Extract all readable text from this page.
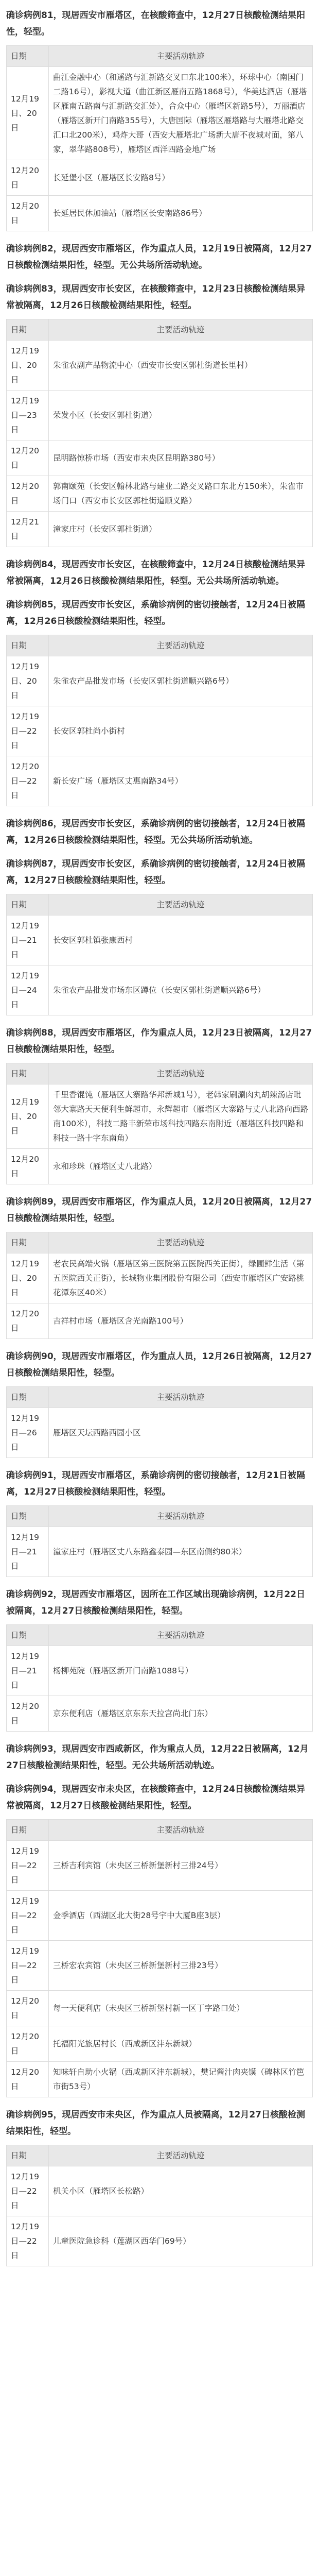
确诊病例81，现居西安市雁塔区，在核酸筛查中，12月27日核酸检测结果阳性，轻型。
日期	主要活动轨迹
12月19日、20日	曲江金融中心（和遥路与汇新路交叉口东北100米），环球中心（南国门二路16号），影视大道（曲江新区雁南五路1868号），华美达酒店（雁塔区雁南五路南与汇新路交汇处），合众中心（雁塔区新路5号），万丽酒店（雁塔区新开门南路355号），大唐国际（雁塔区雁塔路与大雁塔北路交汇口北200米），鸡炸大哥（西安大雁塔北广场新大唐不夜城对面，第八家，翠华路808号），雁塔区西洋四路金地广场
12月20日	长延堡小区（雁塔区长安路8号）
12月20日	长延居民休加油站（雁塔区长安南路86号）
确诊病例82，现居西安市雁塔区，作为重点人员，12月19日被隔离，12月27日核酸检测结果阳性，轻型。无公共场所活动轨迹。
确诊病例83，现居西安市长安区，在核酸筛查中，12月23日核酸检测结果异常被隔离，12月26日核酸检测结果阳性，轻型。
日期	主要活动轨迹
12月19日、20日	朱雀农副产品物流中心（西安市长安区郭杜街道长里村）
12月19日—23日	荣发小区（长安区郭杜街道）
12月20日	昆明路惊桥市场（西安市未央区昆明路380号）
12月20日	郭南颐苑（长安区翰林北路与建业二路交叉路口东北方150米），朱雀市场门口（西安市长安区郭杜街道顺义路）
12月21日	潼家庄村（长安区郭杜街道）
确诊病例84，现居西安市长安区，在核酸筛查中，12月24日核酸检测结果异常被隔离，12月26日核酸检测结果阳性，轻型。无公共场所活动轨迹。
确诊病例85，现居西安市长安区，系确诊病例的密切接触者，12月24日被隔离，12月26日核酸检测结果阳性，轻型。
日期	主要活动轨迹
12月19日、20日	朱雀农产品批发市场（长安区郭杜街道顺兴路6号）
12月19日—22日	长安区郭杜尚小街村
12月20日—22日	新长安广场（雁塔区丈惠南路34号）
确诊病例86，现居西安市长安区，系确诊病例的密切接触者，12月24日被隔离，12月26日核酸检测结果阳性，轻型。无公共场所活动轨迹。
确诊病例87，现居西安市长安区，系确诊病例的密切接触者，12月24日被隔离，12月27日核酸检测结果阳性，轻型。
日期	主要活动轨迹
12月19日—21日	长安区郭杜镇张康西村
12月19日—24日	朱雀农产品批发市场东区蹲位（长安区郭杜街道顺兴路6号）
确诊病例88，现居西安市雁塔区，作为重点人员，12月23日被隔离，12月27日核酸检测结果阳性，轻型。
日期	主要活动轨迹
12月19日、20日	千里香馄饨（雁塔区大寨路华邦新城1号），老韩家刷涮肉丸胡辣汤店毗邻大寨路天天便利生鲜超市，永辉超市（雁塔区大寨路与丈八北路向西路南100米），科技二路丰新荣市场科技四路东南附近（雁塔区科技四路和科技一路十字东南角）
12月20日	永和珍珠（雁塔区丈八北路）
确诊病例89，现居西安市雁塔区，作为重点人员，12月20日被隔离，12月27日核酸检测结果阳性，轻型。
日期	主要活动轨迹
12月19日、20日	老农民高端火锅（雁塔区第三医院第五医院西关正街），绿圃鲜生活（第五医院西关正街），长城物业集团股份有限公司（西安市雁塔区广安路桃花潭东区40米）
12月20日	吉祥村市场（雁塔区含光南路100号）
确诊病例90，现居西安市雁塔区，作为重点人员，12月26日被隔离，12月27日核酸检测结果阳性，轻型。
日期	主要活动轨迹
12月19日—26日	雁塔区天坛西路西园小区
确诊病例91，现居西安市雁塔区，系确诊病例的密切接触者，12月21日被隔离，12月27日核酸检测结果阳性，轻型。
日期	主要活动轨迹
12月19日—21日	潼家庄村（雁塔区丈八东路鑫泰园—东区南侧约80米）
确诊病例92，现居西安市雁塔区，因所在工作区域出现确诊病例，12月22日被隔离，12月27日核酸检测结果阳性，轻型。
日期	主要活动轨迹
12月19日—21日	杨柳苑院（雁塔区新开门南路1088号）
12月20日	京东便利店（雁塔区京东东天拉宫尚北门东）
确诊病例93，现居西安市西咸新区，作为重点人员，12月22日被隔离，12月27日核酸检测结果阳性，轻型。无公共场所活动轨迹。
确诊病例94，现居西安市未央区，在核酸筛查中，12月24日核酸检测结果异常被隔离，12月27日核酸检测结果阳性，轻型。
日期	主要活动轨迹
12月19日—22日	三桥吉利宾馆（未央区三桥新堡新村三排24号）
12月19日—22日	金季酒店（西湖区北大街28号宇中大厦B座3层）
12月19日—22日	三桥宏农宾馆（未央区三桥新堡新村三排23号）
12月20日	每一天便利店（未央区三桥新堡村新一区丁字路口处）
12月20日	托福阳光旅居村长（西咸新区沣东新城）
12月20日	知味轩自助小火锅（西咸新区沣东新城），樊记酱汁肉夹馍（碑林区竹笆市街53号）
确诊病例95，现居西安市未央区，作为重点人员被隔离，12月27日核酸检测结果阳性，轻型。
日期	主要活动轨迹
12月19日—22日	机关小区（雁塔区长松路）
12月19日—22日	儿童医院急诊科（莲湖区西华门69号）
